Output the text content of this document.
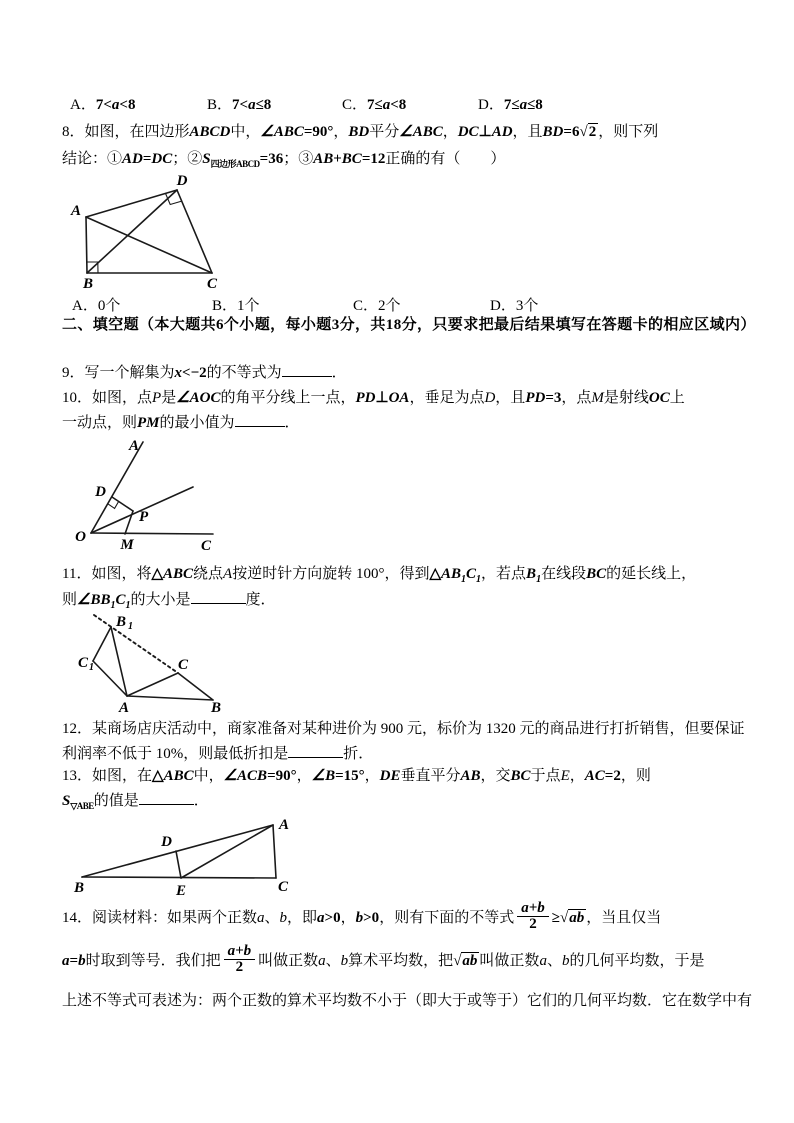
A．7<a<8	B．7<a≤8	C．7≤a<8	D．7≤a≤8
8．如图，在四边形ABCD中，∠ABC=90°，BD平分∠ABC，DC⊥AD，且BD=6√2 ，则下列
结论：①AD=DC；$②S_{四边形ABCD}=36$；③AB+BC=12正确的有（　　）
A
D
B	C
A．0个	B．1个	C．2个	D．3个
二、填空题（本大题共6个小题，每小题3分，共18分，只要求把最后结果填写在答题卡的相应区域内）
9．写一个解集为x<−2的不等式为	．
10．如图，点P是∠AOC的角平分线上一点，PD⊥OA，垂足为点D，且PD=3，点M是射线OC上
一动点，则PM的最小值为	．
O
A
C
D
P
M
11．如图，将△ABC绕点A按逆时针方向旋转 100°，得到$\triangle AB_1C_1$，若点$B_1$在线段BC的延长线上，
则$\angle BB_1C_1$的大小是	度．
A	B
C
B 1
C 1
12．某商场店庆活动中，商家准备对某种进价为 900 元，标价为 1320 元的商品进行打折销售，但要保证
利润率不低于 10%，则最低折扣是	折．
13．如图，在△ABC中，∠ACB=90°，∠B=15°，DE垂直平分AB，交BC于点E，AC=2，则
$S_{▽ABE}$的值是	．
A
B	C
D
E
14．阅读材料：如果两个正数a、b，即a>0，b>0，则有下面的不等式 $\frac{a+b}{2} \ge√ab$ ，当且仅当
a=b时取到等号．我们把 $\frac{a+b}{2}$ 叫做正数a、b算术平均数，把√ab 叫做正数a、b的几何平均数，于是
上述不等式可表述为：两个正数的算术平均数不小于（即大于或等于）它们的几何平均数．它在数学中有
